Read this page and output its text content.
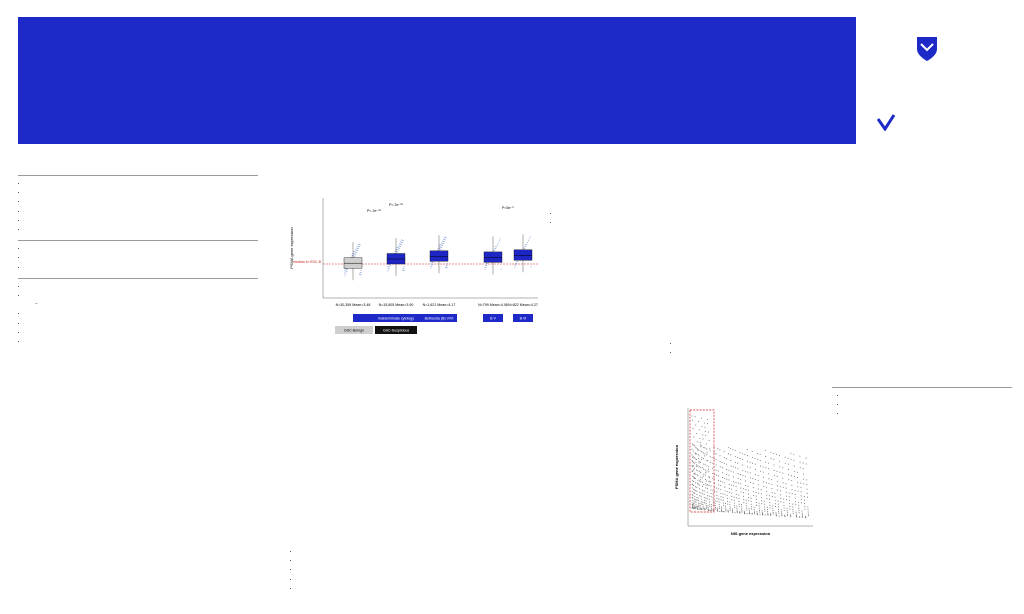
•
•
•
•
•
•
•
•
•
•
•
–
•
•
•
•
median in GSC-B
PSMA gene expression
N=30,359 Mean=3.48 N=15,805 Mean=3.90	N=1,621 Mean=4.17	N=799 Mean=4.06 N=822 Mean=4.27
P< 2e⁻¹⁶
P< 2e⁻¹⁶
P=5e⁻⁵
Indeterminate cytology	Bethesda (B) V/VI
GSC-Benign	GSC-Suspicious
B V	B VI
•
•
•
•
•
•
•
•
•
PSMA gene expression
NIS gene expression
•
•
•
